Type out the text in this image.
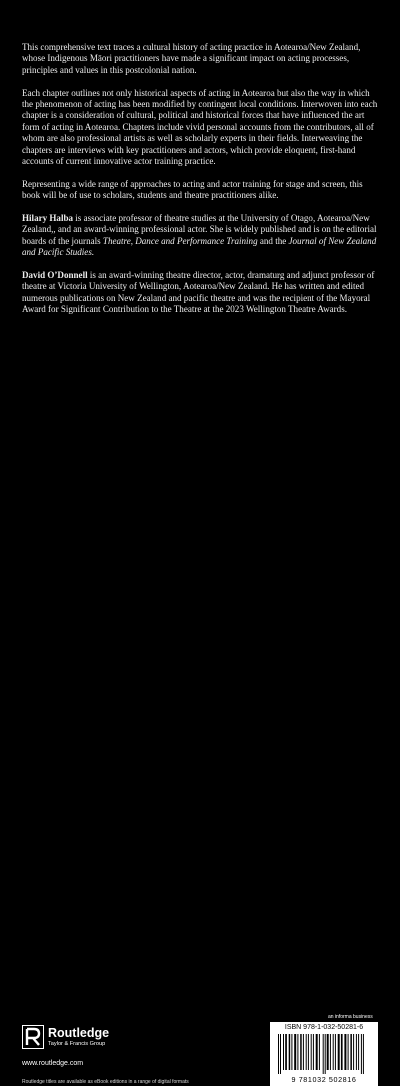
This comprehensive text traces a cultural history of acting practice in Aotearoa/New Zealand, whose Indigenous Māori practitioners have made a significant impact on acting processes, principles and values in this postcolonial nation.

Each chapter outlines not only historical aspects of acting in Aotearoa but also the way in which the phenomenon of acting has been modified by contingent local conditions. Interwoven into each chapter is a consideration of cultural, political and historical forces that have influenced the art form of acting in Aotearoa. Chapters include vivid personal accounts from the contributors, all of whom are also professional artists as well as scholarly experts in their fields. Interweaving the chapters are interviews with key practitioners and actors, which provide eloquent, first-hand accounts of current innovative actor training practice.

Representing a wide range of approaches to acting and actor training for stage and screen, this book will be of use to scholars, students and theatre practitioners alike.

Hilary Halba is associate professor of theatre studies at the University of Otago, Aotearoa/New Zealand,, and an award-winning professional actor. She is widely published and is on the editorial boards of the journals Theatre, Dance and Performance Training and the Journal of New Zealand and Pacific Studies.

David O’Donnell is an award-winning theatre director, actor, dramaturg and adjunct professor of theatre at Victoria University of Wellington, Aotearoa/New Zealand. He has written and edited numerous publications on New Zealand and pacific theatre and was the recipient of the Mayoral Award for Significant Contribution to the Theatre at the 2023 Wellington Theatre Awards.

Routledge
Taylor & Francis Group
www.routledge.com
Routledge titles are available as eBook editions in a range of digital formats
an informa business
ISBN 978-1-032-50281-6
9 781032 502816
